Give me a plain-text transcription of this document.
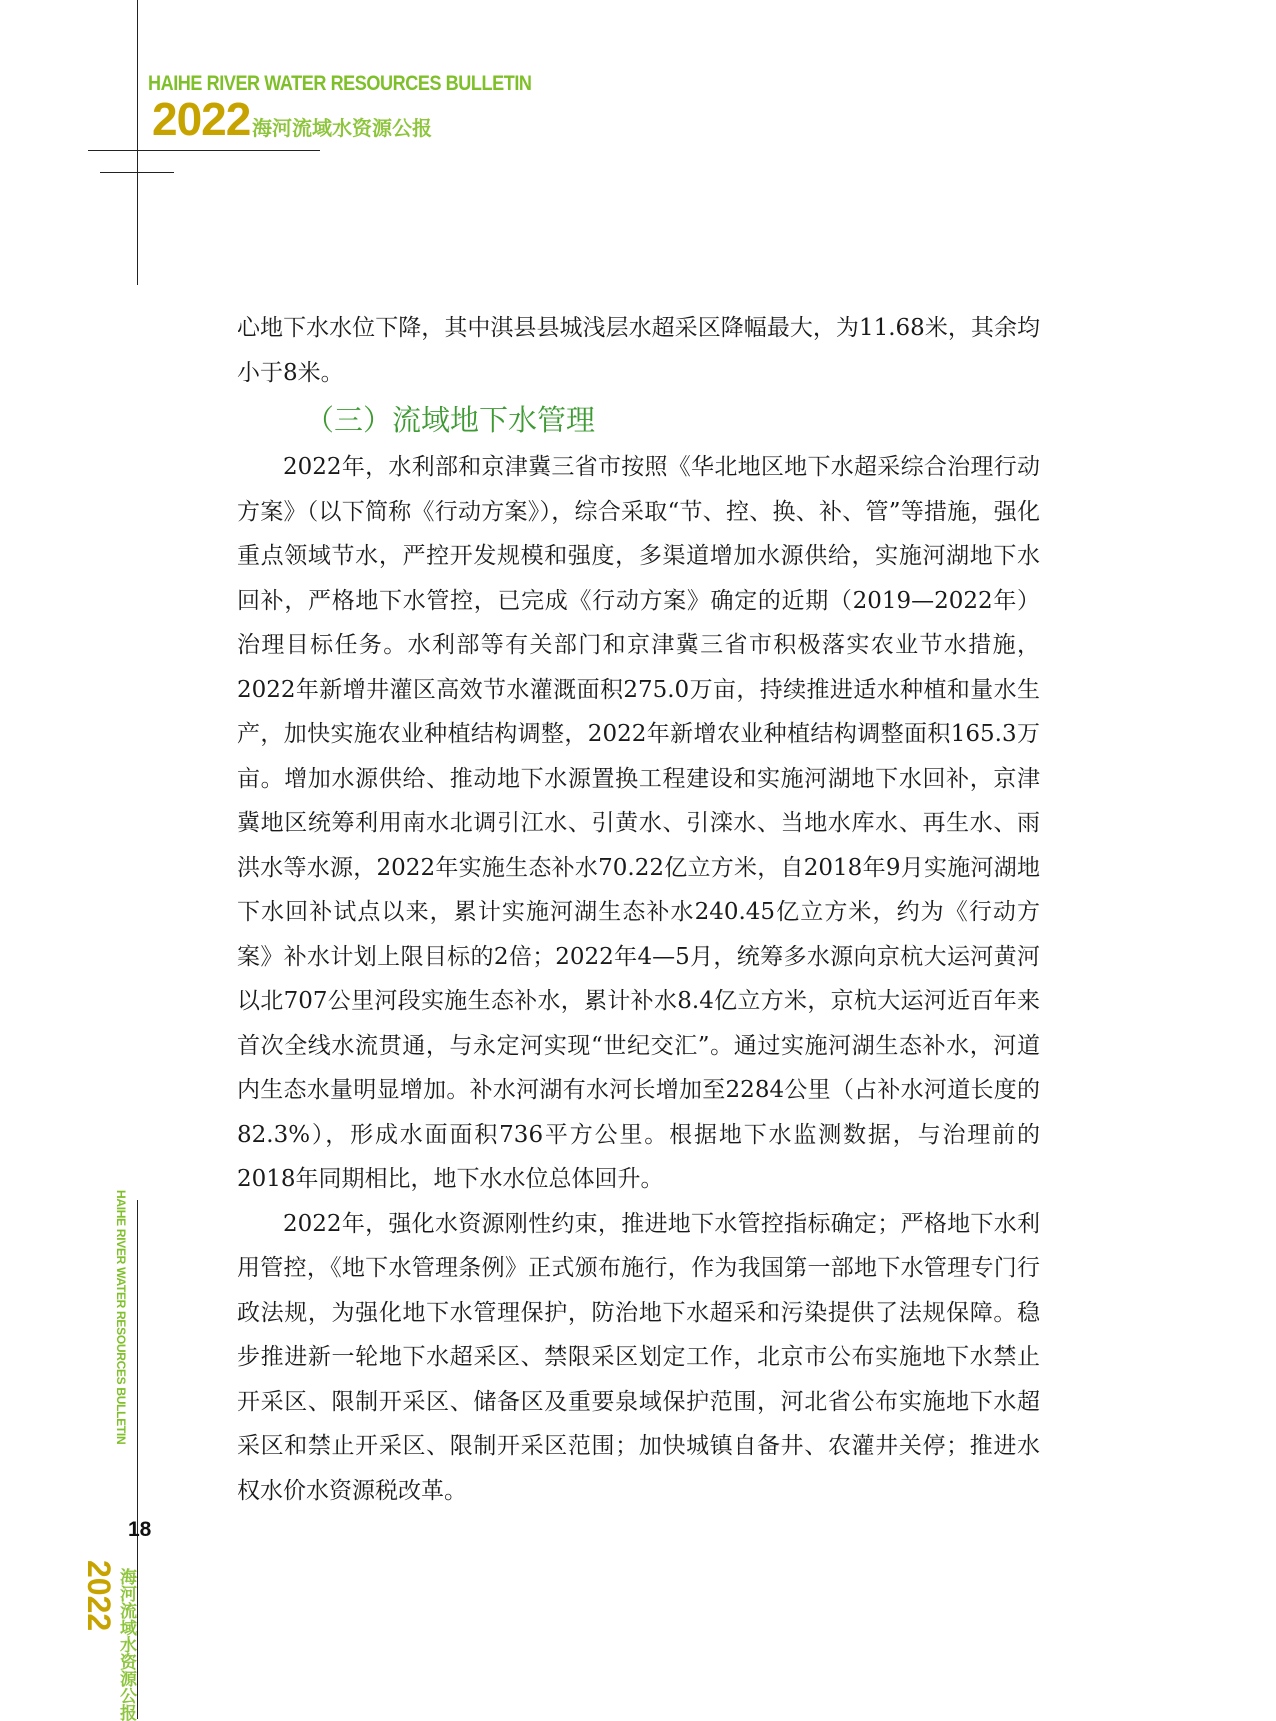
HAIHE RIVER WATER RESOURCES BULLETIN
2022 海河流域水资源公报

心地下水水位下降，其中淇县县城浅层水超采区降幅最大，为11.68米，其余均小于8米。

（三）流域地下水管理

2022年，水利部和京津冀三省市按照《华北地区地下水超采综合治理行动方案》（以下简称《行动方案》），综合采取“节、控、换、补、管”等措施，强化重点领域节水，严控开发规模和强度，多渠道增加水源供给，实施河湖地下水回补，严格地下水管控，已完成《行动方案》确定的近期（2019—2022年）治理目标任务。水利部等有关部门和京津冀三省市积极落实农业节水措施，2022年新增井灌区高效节水灌溉面积275.0万亩，持续推进适水种植和量水生产，加快实施农业种植结构调整，2022年新增农业种植结构调整面积165.3万亩。增加水源供给、推动地下水源置换工程建设和实施河湖地下水回补，京津冀地区统筹利用南水北调引江水、引黄水、引滦水、当地水库水、再生水、雨洪水等水源，2022年实施生态补水70.22亿立方米，自2018年9月实施河湖地下水回补试点以来，累计实施河湖生态补水240.45亿立方米，约为《行动方案》补水计划上限目标的2倍；2022年4—5月，统筹多水源向京杭大运河黄河以北707公里河段实施生态补水，累计补水8.4亿立方米，京杭大运河近百年来首次全线水流贯通，与永定河实现“世纪交汇”。通过实施河湖生态补水，河道内生态水量明显增加。补水河湖有水河长增加至2284公里（占补水河道长度的82.3%），形成水面面积736平方公里。根据地下水监测数据，与治理前的2018年同期相比，地下水水位总体回升。

2022年，强化水资源刚性约束，推进地下水管控指标确定；严格地下水利用管控，《地下水管理条例》正式颁布施行，作为我国第一部地下水管理专门行政法规，为强化地下水管理保护，防治地下水超采和污染提供了法规保障。稳步推进新一轮地下水超采区、禁限采区划定工作，北京市公布实施地下水禁止开采区、限制开采区、储备区及重要泉域保护范围，河北省公布实施地下水超采区和禁止开采区、限制开采区范围；加快城镇自备井、农灌井关停；推进水权水价水资源税改革。

HAIHE RIVER WATER RESOURCES BULLETIN
18
2022 海河流域水资源公报
